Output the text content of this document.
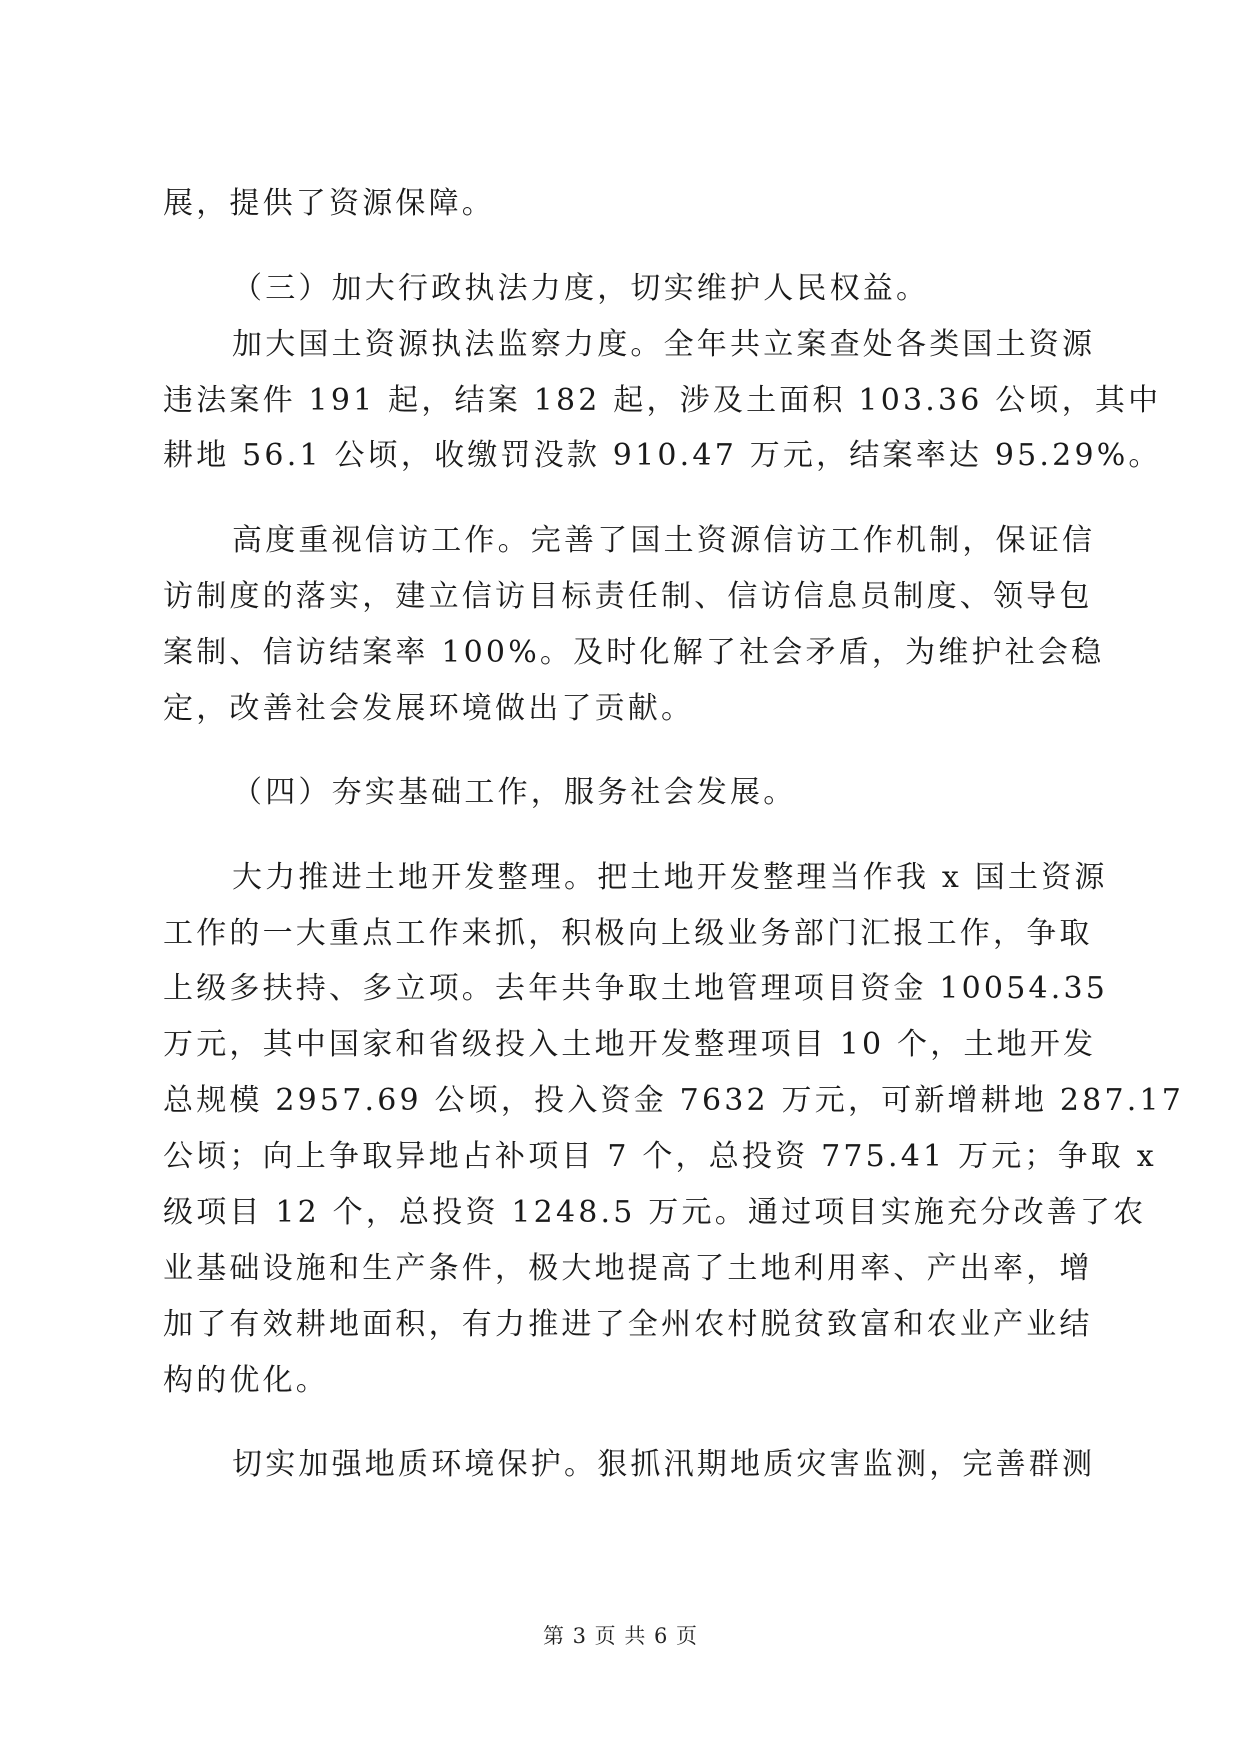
展，提供了资源保障。

（三）加大行政执法力度，切实维护人民权益。

加大国土资源执法监察力度。全年共立案查处各类国土资源

违法案件 191 起，结案 182 起，涉及土面积 103.36 公顷，其中

耕地 56.1 公顷，收缴罚没款 910.47 万元，结案率达 95.29%。

高度重视信访工作。完善了国土资源信访工作机制，保证信

访制度的落实，建立信访目标责任制、信访信息员制度、领导包

案制、信访结案率 100%。及时化解了社会矛盾，为维护社会稳

定，改善社会发展环境做出了贡献。

（四）夯实基础工作，服务社会发展。

大力推进土地开发整理。把土地开发整理当作我 x 国土资源

工作的一大重点工作来抓，积极向上级业务部门汇报工作，争取

上级多扶持、多立项。去年共争取土地管理项目资金 10054.35

万元，其中国家和省级投入土地开发整理项目 10 个，土地开发

总规模 2957.69 公顷，投入资金 7632 万元，可新增耕地 287.17

公顷；向上争取异地占补项目 7 个，总投资 775.41 万元；争取 x

级项目 12 个，总投资 1248.5 万元。通过项目实施充分改善了农

业基础设施和生产条件，极大地提高了土地利用率、产出率，增

加了有效耕地面积，有力推进了全州农村脱贫致富和农业产业结

构的优化。

切实加强地质环境保护。狠抓汛期地质灾害监测，完善群测

第 3 页 共 6 页
